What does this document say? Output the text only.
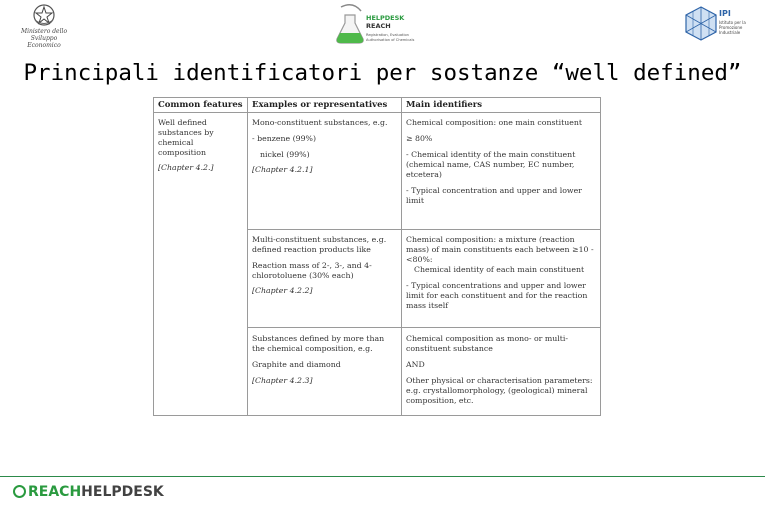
Ministero dello
Sviluppo Economico
HELPDESK
REACH
Registration, Evaluation
Authorisation of Chemicals
IPI
Istituto per la
Promozione
Industriale
Principali identificatori per sostanze “well defined”
Common features	Examples or representatives	Main identifiers

Well defined

substances by

chemical

composition

[Chapter 4.2.]

Mono-constituent substances, e.g.

- benzene (99%)

nickel (99%)

[Chapter 4.2.1]

Chemical composition: one main constituent

≥ 80%

- Chemical identity of the main constituent

(chemical name, CAS number, EC number,

etcetera)

- Typical concentration and upper and lower

limit

Multi-constituent substances, e.g.

defined reaction products like

Reaction mass of 2-, 3-, and 4-

chlorotoluene (30% each)

[Chapter 4.2.2]

Chemical composition: a mixture (reaction

mass) of main constituents each between ≥10 -

<80%:

Chemical identity of each main constituent

- Typical concentrations and upper and lower

limit for each constituent and for the reaction

mass itself

Substances defined by more than

the chemical composition, e.g.

Graphite and diamond

[Chapter 4.2.3]

Chemical composition as mono- or multi-

constituent substance

AND

Other physical or characterisation parameters:

e.g. crystallomorphology, (geological) mineral

composition, etc.

REACHHELPDESK
